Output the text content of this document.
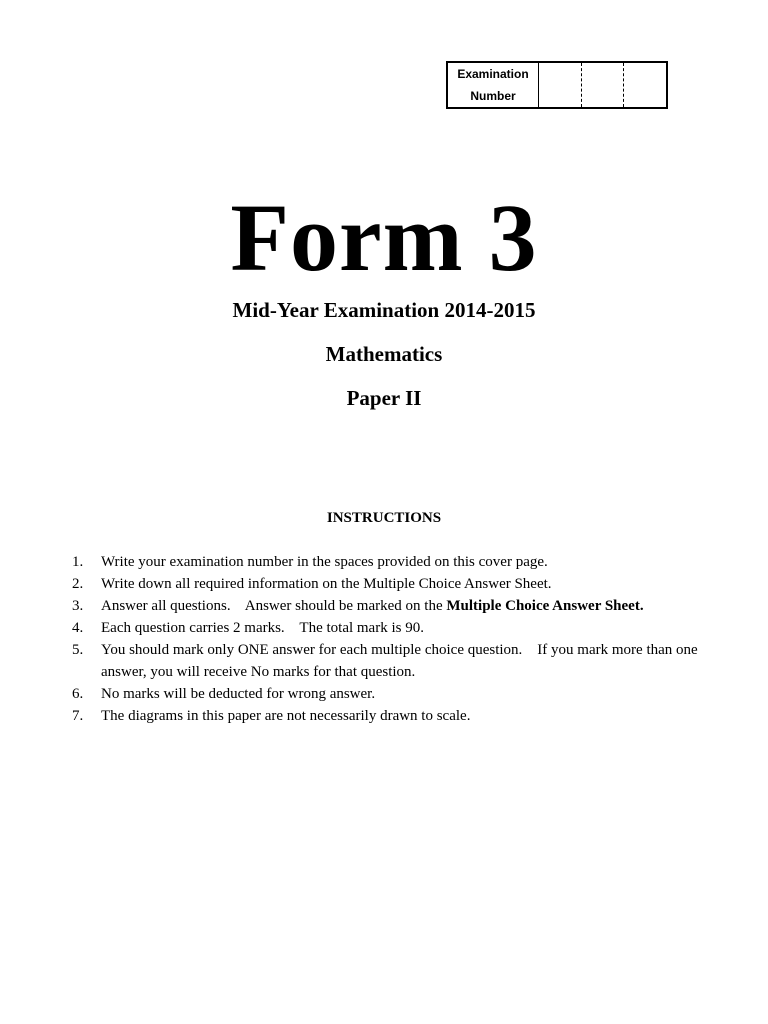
Examination
Number
Form 3
Mid-Year Examination 2014-2015
Mathematics
Paper II
INSTRUCTIONS
1.	Write your examination number in the spaces provided on this cover page.
2.	Write down all required information on the Multiple Choice Answer Sheet.
3.	Answer all questions.    Answer should be marked on the Multiple Choice Answer Sheet.
4.	Each question carries 2 marks.    The total mark is 90.
5.	You should mark only ONE answer for each multiple choice question.    If you mark more than one answer, you will receive No marks for that question.
6.	No marks will be deducted for wrong answer.
7.	The diagrams in this paper are not necessarily drawn to scale.
